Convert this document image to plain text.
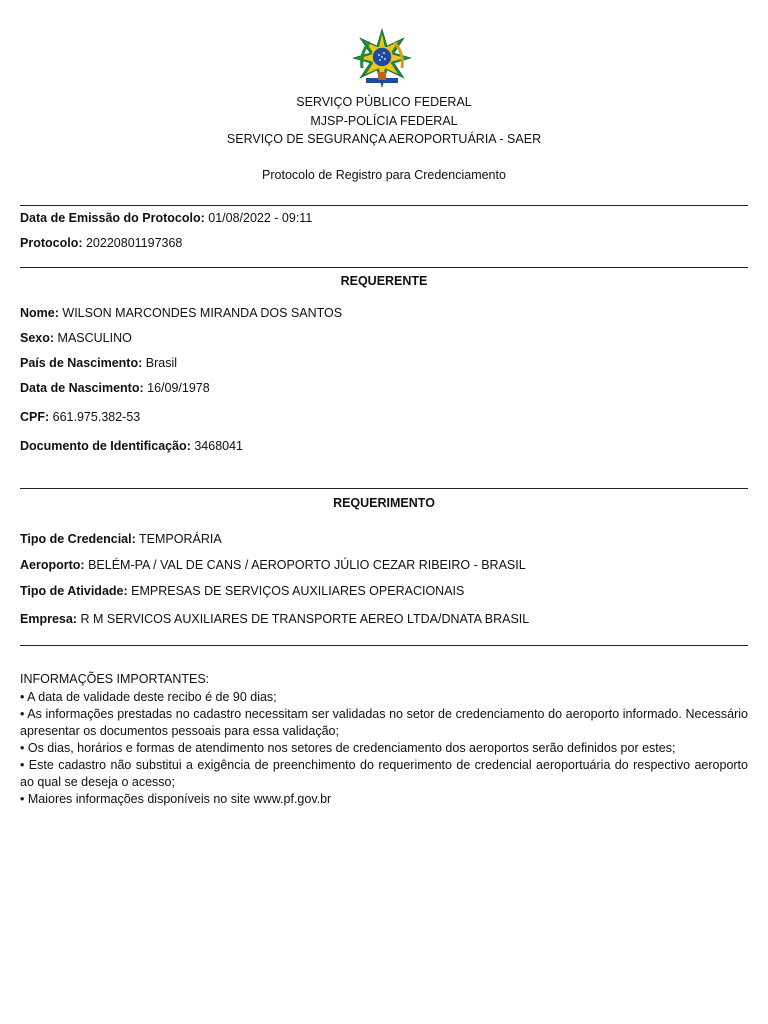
SERVIÇO PÚBLICO FEDERAL
MJSP-POLÍCIA FEDERAL
SERVIÇO DE SEGURANÇA AEROPORTUÁRIA - SAER
Protocolo de Registro para Credenciamento
Data de Emissão do Protocolo: 01/08/2022 - 09:11
Protocolo: 20220801197368
REQUERENTE
Nome: WILSON MARCONDES MIRANDA DOS SANTOS
Sexo: MASCULINO
País de Nascimento: Brasil
Data de Nascimento: 16/09/1978
CPF: 661.975.382-53
Documento de Identificação: 3468041
REQUERIMENTO
Tipo de Credencial: TEMPORÁRIA
Aeroporto: BELÉM-PA / VAL DE CANS / AEROPORTO JÚLIO CEZAR RIBEIRO - BRASIL
Tipo de Atividade: EMPRESAS DE SERVIÇOS AUXILIARES OPERACIONAIS
Empresa: R M SERVICOS AUXILIARES DE TRANSPORTE AEREO LTDA/DNATA BRASIL

INFORMAÇÕES IMPORTANTES:

• A data de validade deste recibo é de 90 dias;

• As informações prestadas no cadastro necessitam ser validadas no setor de credenciamento do aeroporto informado. Necessário apresentar os documentos pessoais para essa validação;

• Os dias, horários e formas de atendimento nos setores de credenciamento dos aeroportos serão definidos por estes;

• Este cadastro não substitui a exigência de preenchimento do requerimento de credencial aeroportuária do respectivo aeroporto ao qual se deseja o acesso;

• Maiores informações disponíveis no site www.pf.gov.br
